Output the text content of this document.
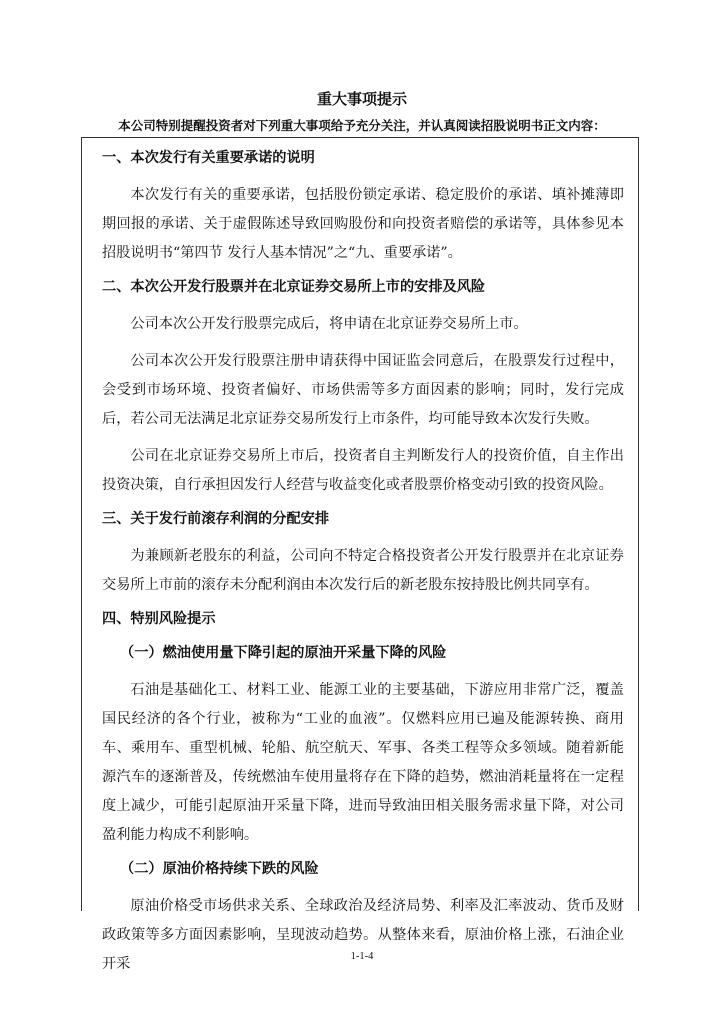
重大事项提示
本公司特别提醒投资者对下列重大事项给予充分关注，并认真阅读招股说明书正文内容：
一、本次发行有关重要承诺的说明
本次发行有关的重要承诺，包括股份锁定承诺、稳定股价的承诺、填补摊薄即期回报的承诺、关于虚假陈述导致回购股份和向投资者赔偿的承诺等，具体参见本招股说明书“第四节 发行人基本情况”之“九、重要承诺”。
二、本次公开发行股票并在北京证券交易所上市的安排及风险
公司本次公开发行股票完成后，将申请在北京证券交易所上市。
公司本次公开发行股票注册申请获得中国证监会同意后，在股票发行过程中，会受到市场环境、投资者偏好、市场供需等多方面因素的影响；同时，发行完成后，若公司无法满足北京证券交易所发行上市条件，均可能导致本次发行失败。
公司在北京证券交易所上市后，投资者自主判断发行人的投资价值，自主作出投资决策，自行承担因发行人经营与收益变化或者股票价格变动引致的投资风险。
三、关于发行前滚存利润的分配安排
为兼顾新老股东的利益，公司向不特定合格投资者公开发行股票并在北京证券交易所上市前的滚存未分配利润由本次发行后的新老股东按持股比例共同享有。
四、特别风险提示
（一）燃油使用量下降引起的原油开采量下降的风险
石油是基础化工、材料工业、能源工业的主要基础，下游应用非常广泛，覆盖国民经济的各个行业，被称为“工业的血液”。仅燃料应用已遍及能源转换、商用车、乘用车、重型机械、轮船、航空航天、军事、各类工程等众多领域。随着新能源汽车的逐渐普及，传统燃油车使用量将存在下降的趋势，燃油消耗量将在一定程度上减少，可能引起原油开采量下降，进而导致油田相关服务需求量下降，对公司盈利能力构成不利影响。
（二）原油价格持续下跌的风险
原油价格受市场供求关系、全球政治及经济局势、利率及汇率波动、货币及财政政策等多方面因素影响，呈现波动趋势。从整体来看，原油价格上涨，石油企业开采	1-1-4
